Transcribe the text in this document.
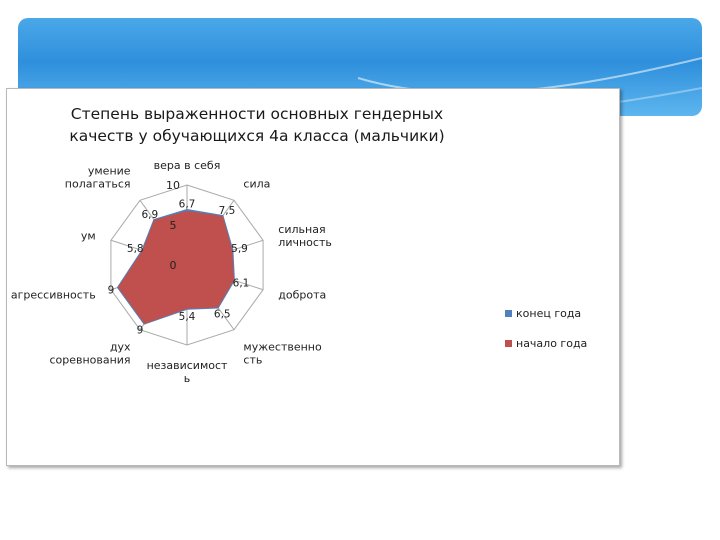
Степень выраженности основных гендерных
качеств у обучающихся 4а класса (мальчики)
0
5
10
6,7
7,5
5,9
6,1
6,5
5,4
9
9
5,8
6,9
вера в себя
сила
сильная
личность
доброта
мужественно
сть
независимост
ь
дух
соревнования
агрессивность
ум
умение
полагаться
конец года
начало года
